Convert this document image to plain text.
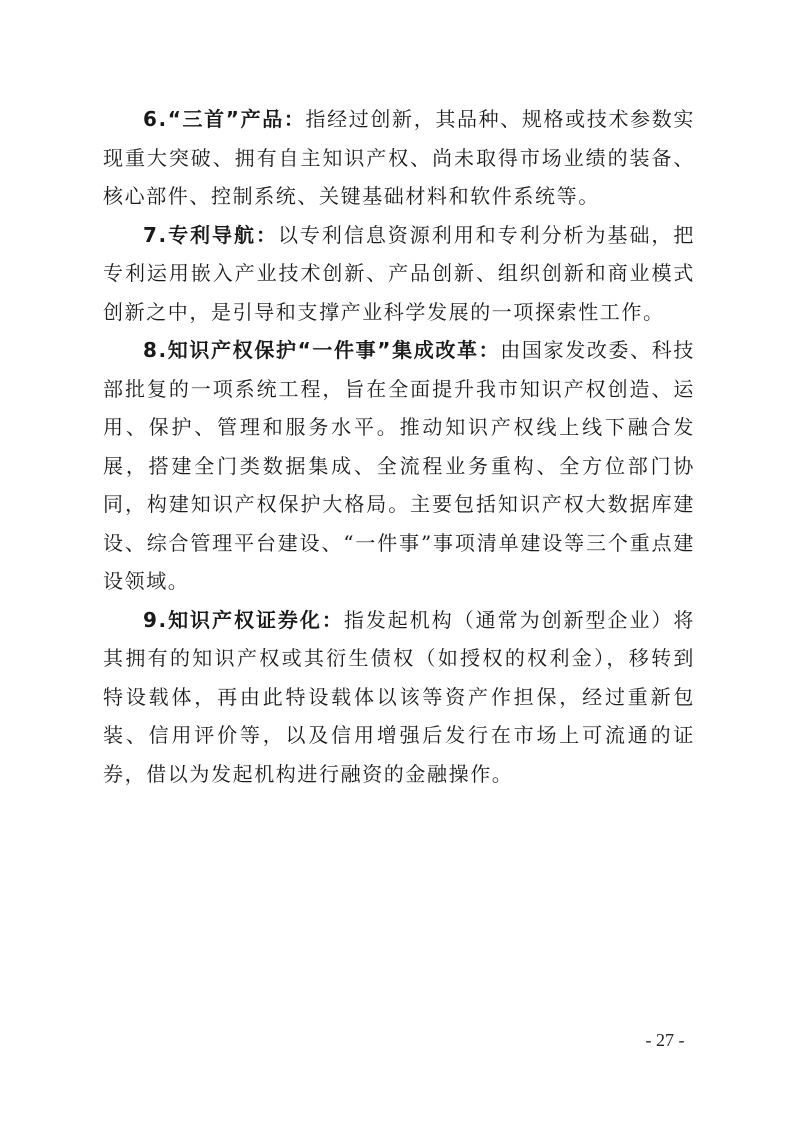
6.“三首”产品：指经过创新，其品种、规格或技术参数实现重大突破、拥有自主知识产权、尚未取得市场业绩的装备、核心部件、控制系统、关键基础材料和软件系统等。

7.专利导航：以专利信息资源利用和专利分析为基础，把专利运用嵌入产业技术创新、产品创新、组织创新和商业模式创新之中，是引导和支撑产业科学发展的一项探索性工作。

8.知识产权保护“一件事”集成改革：由国家发改委、科技部批复的一项系统工程，旨在全面提升我市知识产权创造、运用、保护、管理和服务水平。推动知识产权线上线下融合发展，搭建全门类数据集成、全流程业务重构、全方位部门协同，构建知识产权保护大格局。主要包括知识产权大数据库建设、综合管理平台建设、“一件事”事项清单建设等三个重点建设领域。

9.知识产权证券化：指发起机构（通常为创新型企业）将其拥有的知识产权或其衍生债权（如授权的权利金），移转到特设载体，再由此特设载体以该等资产作担保，经过重新包装、信用评价等，以及信用增强后发行在市场上可流通的证券，借以为发起机构进行融资的金融操作。

- 27 -
